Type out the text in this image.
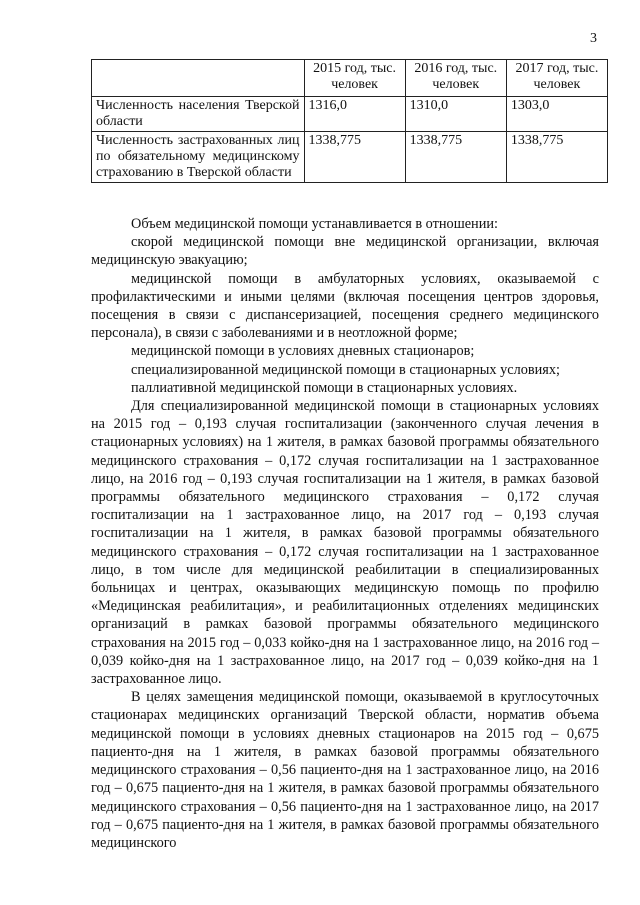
3
	2015 год, тыс. человек	2016 год, тыс. человек	2017 год, тыс. человек
Численность населения Тверской области	1316,0	1310,0	1303,0
Численность застрахованных лиц по обязательному медицинскому страхованию в Тверской области	1338,775	1338,775	1338,775

Объем медицинской помощи устанавливается в отношении:

скорой медицинской помощи вне медицинской организации, включая медицинскую эвакуацию;

медицинской помощи в амбулаторных условиях, оказываемой с профилактическими и иными целями (включая посещения центров здоровья, посещения в связи с диспансеризацией, посещения среднего медицинского персонала), в связи с заболеваниями и в неотложной форме;

медицинской помощи в условиях дневных стационаров;

специализированной медицинской помощи в стационарных условиях;

паллиативной медицинской помощи в стационарных условиях.

Для специализированной медицинской помощи в стационарных условиях на 2015 год – 0,193 случая госпитализации (законченного случая лечения в стационарных условиях) на 1 жителя, в рамках базовой программы обязательного медицинского страхования – 0,172 случая госпитализации на 1 застрахованное лицо, на 2016 год – 0,193 случая госпитализации на 1 жителя, в рамках базовой программы обязательного медицинского страхования – 0,172 случая госпитализации на 1 застрахованное лицо, на 2017 год – 0,193 случая госпитализации на 1 жителя, в рамках базовой программы обязательного медицинского страхования – 0,172 случая госпитализации на 1 застрахованное лицо, в том числе для медицинской реабилитации в специализированных больницах и центрах, оказывающих медицинскую помощь по профилю «Медицинская реабилитация», и реабилитационных отделениях медицинских организаций в рамках базовой программы обязательного медицинского страхования на 2015 год – 0,033 койко-дня на 1 застрахованное лицо, на 2016 год – 0,039 койко-дня на 1 застрахованное лицо, на 2017 год – 0,039 койко-дня на 1 застрахованное лицо.

В целях замещения медицинской помощи, оказываемой в круглосуточных стационарах медицинских организаций Тверской области, норматив объема медицинской помощи в условиях дневных стационаров на 2015 год – 0,675 пациенто-дня на 1 жителя, в рамках базовой программы обязательного медицинского страхования – 0,56 пациенто-дня на 1 застрахованное лицо, на 2016 год – 0,675 пациенто-дня на 1 жителя, в рамках базовой программы обязательного медицинского страхования – 0,56 пациенто-дня на 1 застрахованное лицо, на 2017 год – 0,675 пациенто-дня на 1 жителя, в рамках базовой программы обязательного медицинского
